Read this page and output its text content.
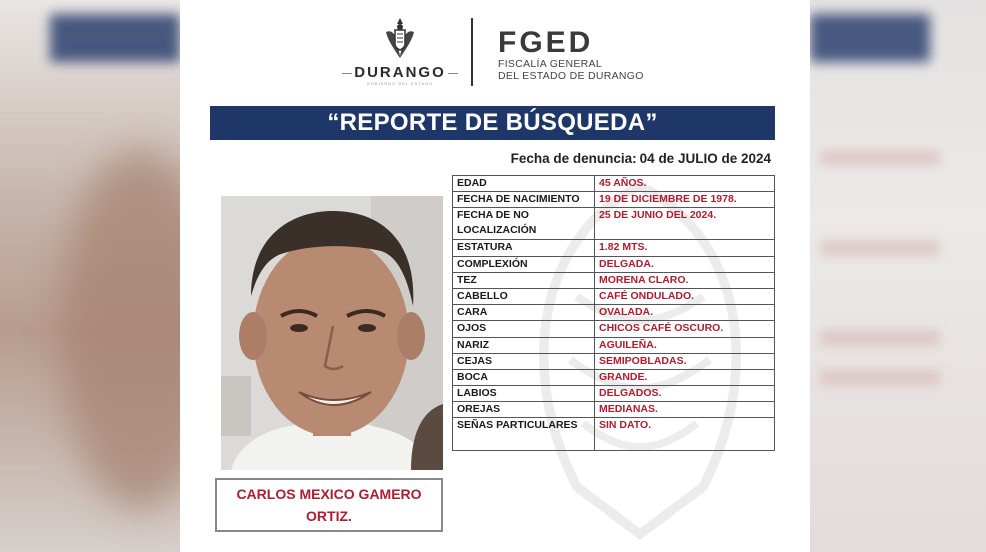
DURANGO
GOBIERNO DEL ESTADO
FGED
FISCALÍA GENERAL
DEL ESTADO DE DURANGO
“REPORTE DE BÚSQUEDA”
Fecha de denuncia: 04 de JULIO de 2024
CARLOS MEXICO GAMERO ORTIZ.
EDAD	45 AÑOS.
FECHA DE NACIMIENTO	19 DE DICIEMBRE DE 1978.
FECHA DE NO LOCALIZACIÓN	25 DE JUNIO DEL 2024.
ESTATURA	1.82 MTS.
COMPLEXIÓN	DELGADA.
TEZ	MORENA CLARO.
CABELLO	CAFÉ ONDULADO.
CARA	OVALADA.
OJOS	CHICOS CAFÉ OSCURO.
NARIZ	AGUILEÑA.
CEJAS	SEMIPOBLADAS.
BOCA	GRANDE.
LABIOS	DELGADOS.
OREJAS	MEDIANAS.
SEÑAS PARTICULARES	SIN DATO.
